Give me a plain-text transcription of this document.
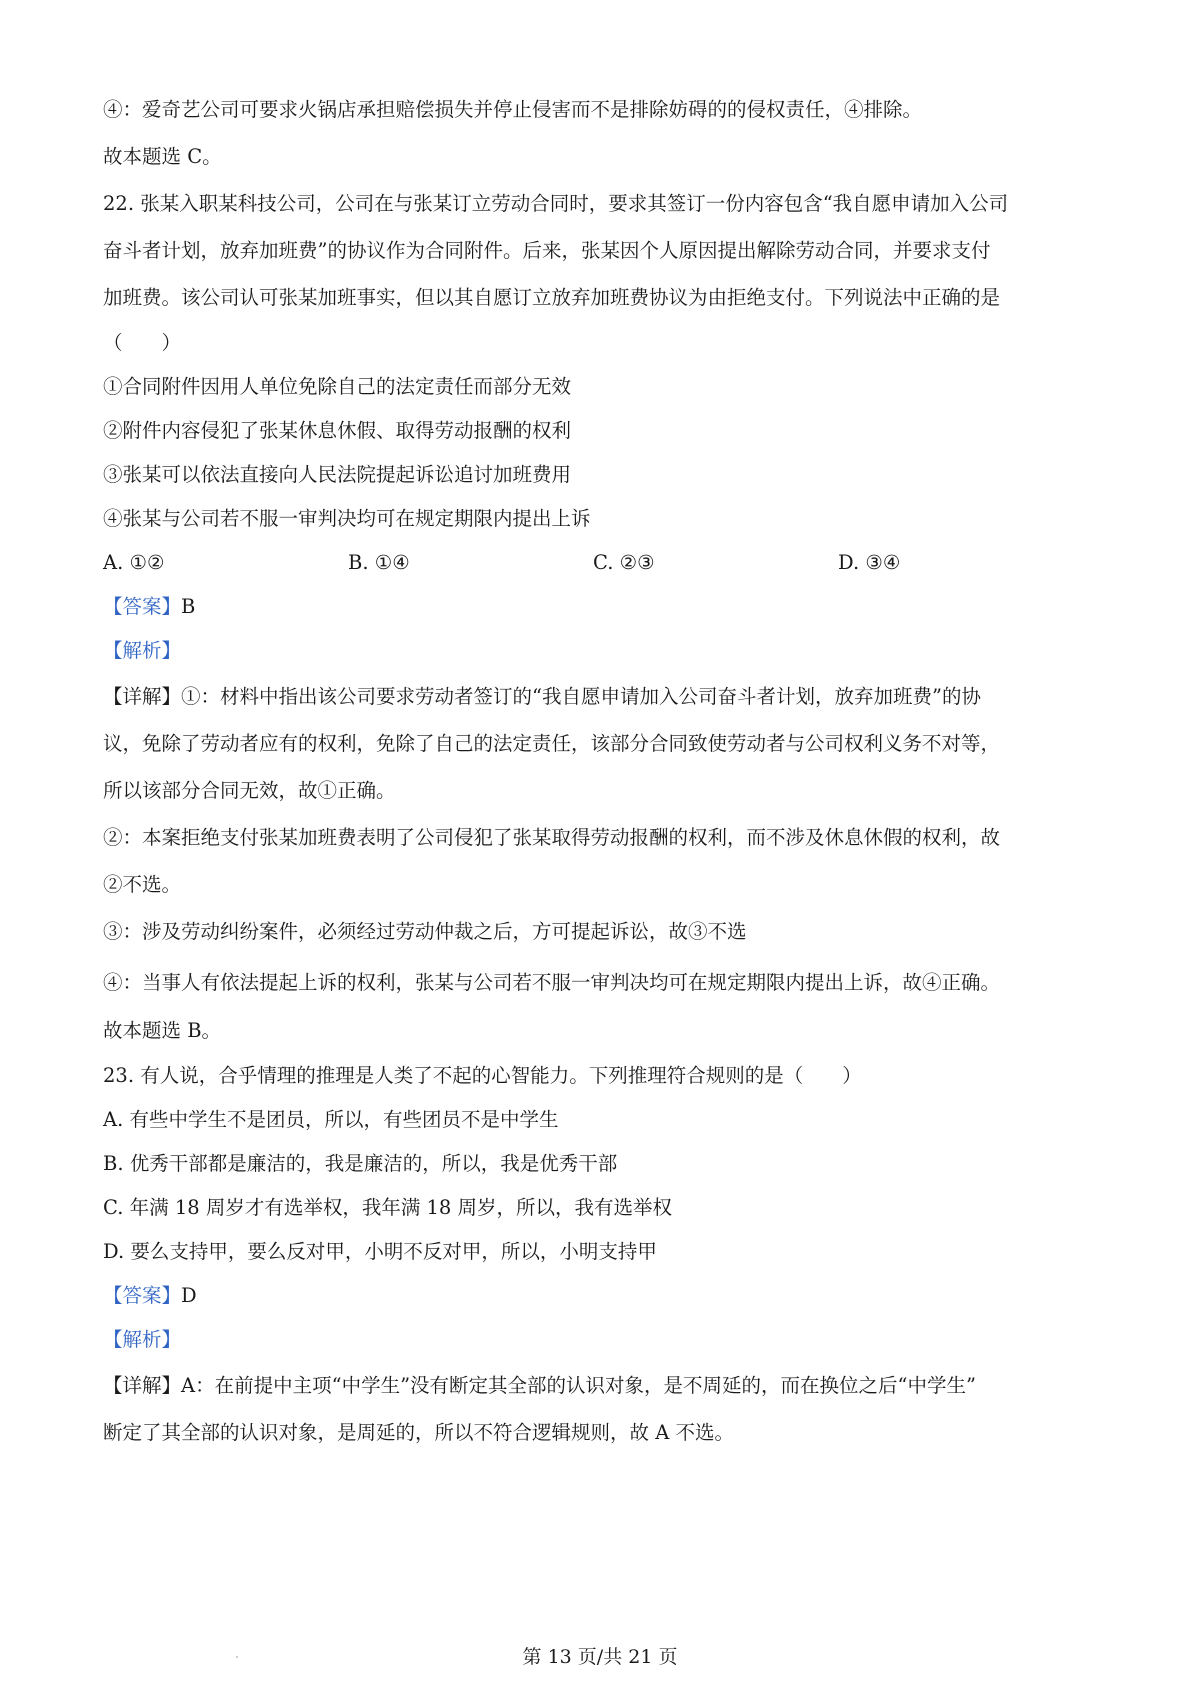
④：爱奇艺公司可要求火锅店承担赔偿损失并停止侵害而不是排除妨碍的的侵权责任，④排除。
故本题选 C。
22. 张某入职某科技公司，公司在与张某订立劳动合同时，要求其签订一份内容包含“我自愿申请加入公司
奋斗者计划，放弃加班费”的协议作为合同附件。后来，张某因个人原因提出解除劳动合同，并要求支付
加班费。该公司认可张某加班事实，但以其自愿订立放弃加班费协议为由拒绝支付。下列说法中正确的是
（　　）
①合同附件因用人单位免除自己的法定责任而部分无效
②附件内容侵犯了张某休息休假、取得劳动报酬的权利
③张某可以依法直接向人民法院提起诉讼追讨加班费用
④张某与公司若不服一审判决均可在规定期限内提出上诉
A. ①②	B. ①④	C. ②③	D. ③④
【答案】B
【解析】
【详解】①：材料中指出该公司要求劳动者签订的“我自愿申请加入公司奋斗者计划，放弃加班费”的协
议，免除了劳动者应有的权利，免除了自己的法定责任，该部分合同致使劳动者与公司权利义务不对等，
所以该部分合同无效，故①正确。
②：本案拒绝支付张某加班费表明了公司侵犯了张某取得劳动报酬的权利，而不涉及休息休假的权利，故
②不选。
③：涉及劳动纠纷案件，必须经过劳动仲裁之后，方可提起诉讼，故③不选
④：当事人有依法提起上诉的权利，张某与公司若不服一审判决均可在规定期限内提出上诉，故④正确。
故本题选 B。
23. 有人说，合乎情理的推理是人类了不起的心智能力。下列推理符合规则的是（　　）
A. 有些中学生不是团员，所以，有些团员不是中学生
B. 优秀干部都是廉洁的，我是廉洁的，所以，我是优秀干部
C. 年满 18 周岁才有选举权，我年满 18 周岁，所以，我有选举权
D. 要么支持甲，要么反对甲，小明不反对甲，所以，小明支持甲
【答案】D
【解析】
【详解】A：在前提中主项“中学生”没有断定其全部的认识对象，是不周延的，而在换位之后“中学生”
断定了其全部的认识对象，是周延的，所以不符合逻辑规则，故 A 不选。
第 13 页/共 21 页
